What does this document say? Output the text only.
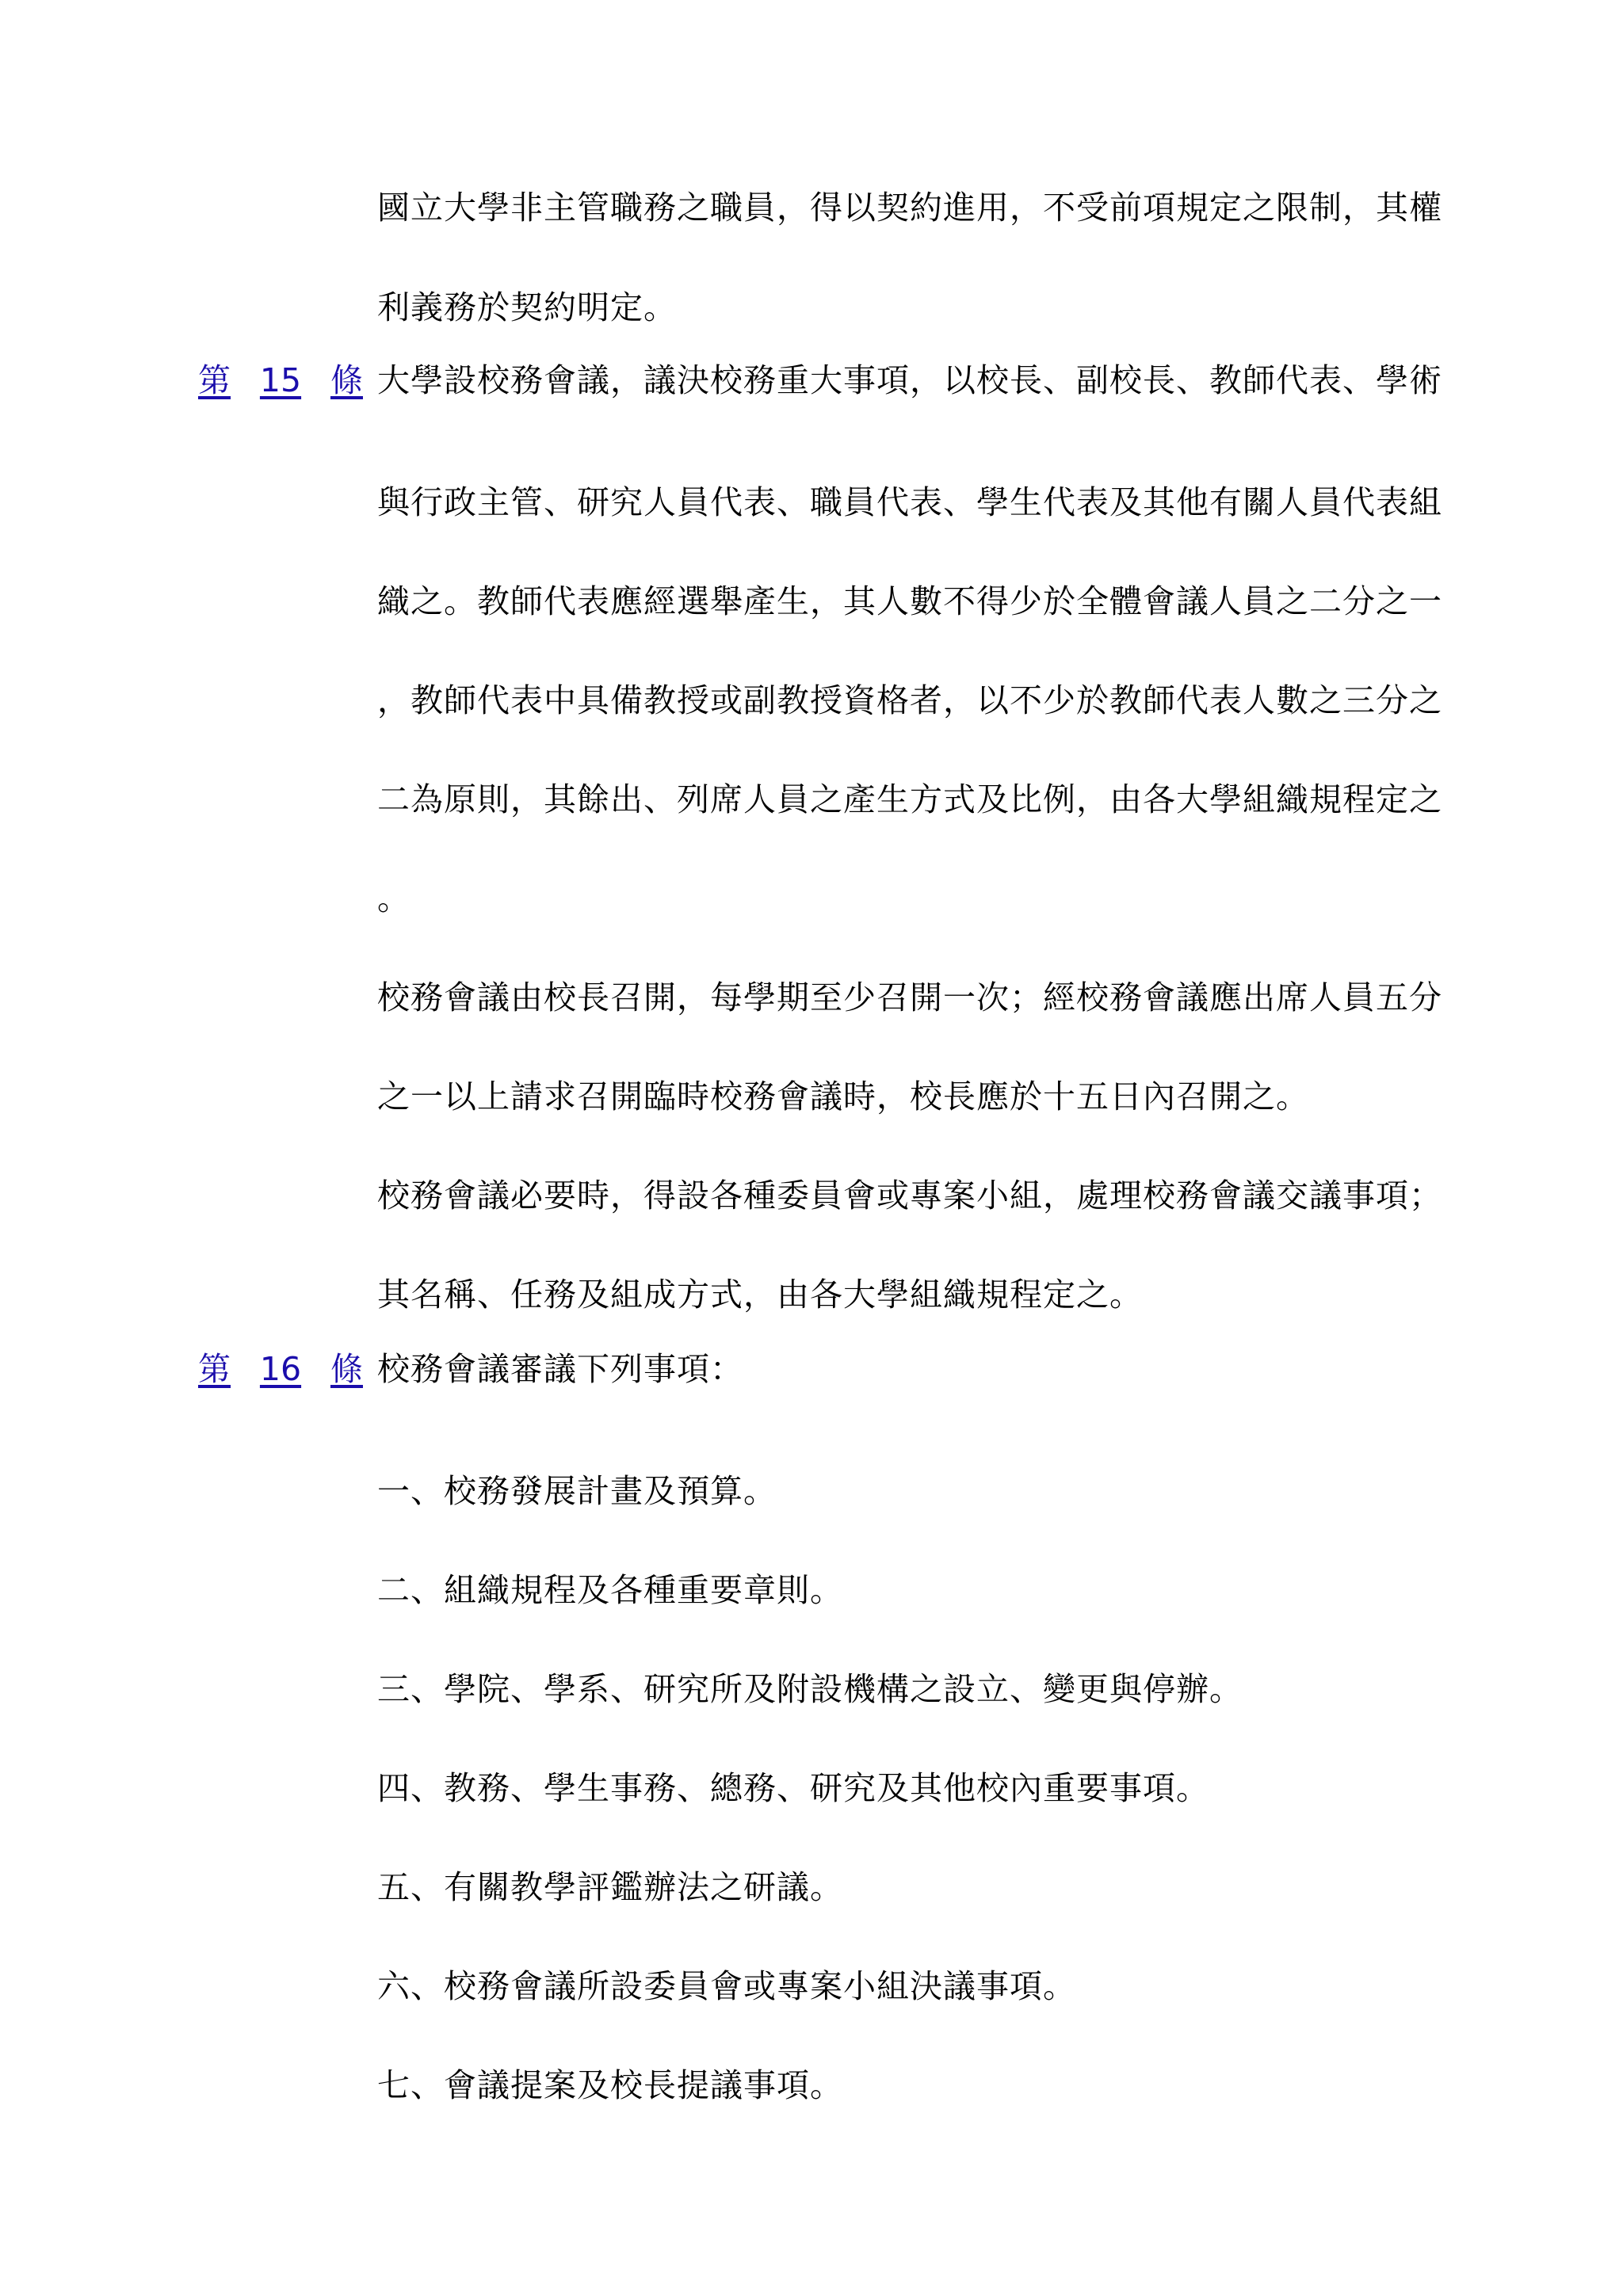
國立大學非主管職務之職員，得以契約進用，不受前項規定之限制，其權
利義務於契約明定。
第 15 條 大學設校務會議，議決校務重大事項，以校長、副校長、教師代表、學術
與行政主管、研究人員代表、職員代表、學生代表及其他有關人員代表組
織之。教師代表應經選舉產生，其人數不得少於全體會議人員之二分之一
，教師代表中具備教授或副教授資格者，以不少於教師代表人數之三分之
二為原則，其餘出、列席人員之產生方式及比例，由各大學組織規程定之
。
校務會議由校長召開，每學期至少召開一次；經校務會議應出席人員五分
之一以上請求召開臨時校務會議時，校長應於十五日內召開之。
校務會議必要時，得設各種委員會或專案小組，處理校務會議交議事項；
其名稱、任務及組成方式，由各大學組織規程定之。
第 16 條 校務會議審議下列事項：
一、校務發展計畫及預算。
二、組織規程及各種重要章則。
三、學院、學系、研究所及附設機構之設立、變更與停辦。
四、教務、學生事務、總務、研究及其他校內重要事項。
五、有關教學評鑑辦法之研議。
六、校務會議所設委員會或專案小組決議事項。
七、會議提案及校長提議事項。
